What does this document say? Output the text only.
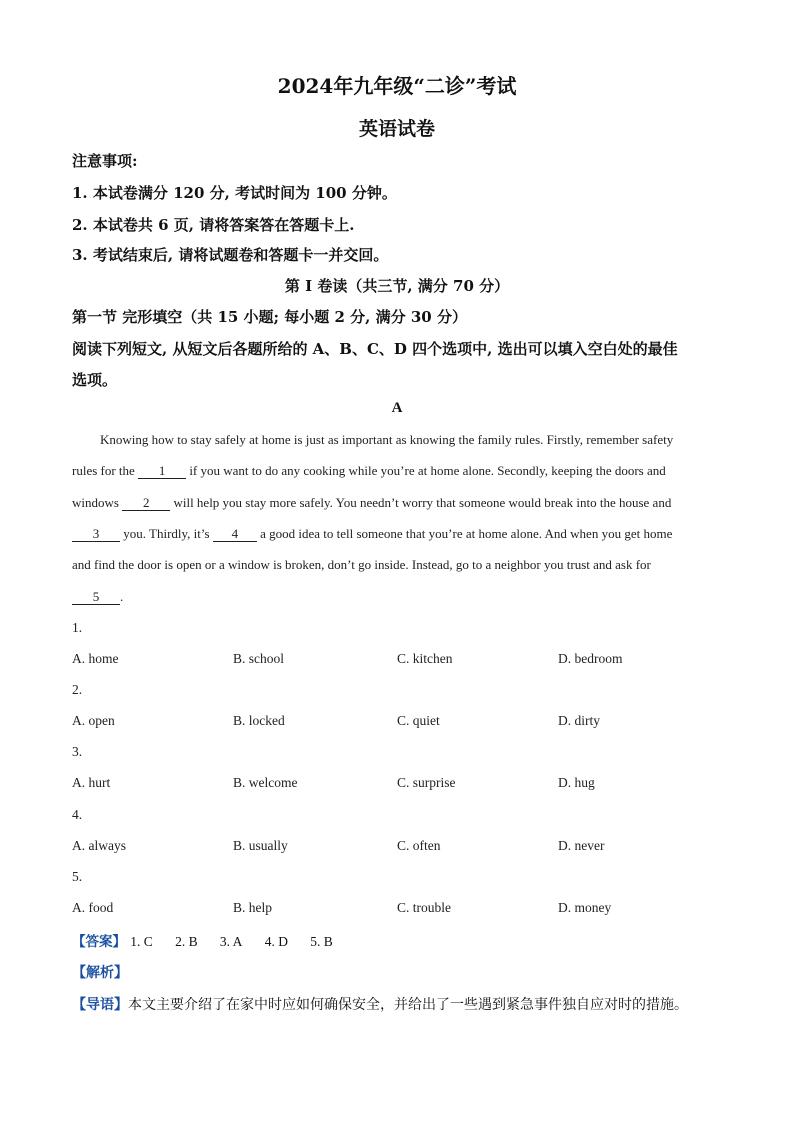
2024年九年级“二诊”考试
英语试卷
注意事项:
1. 本试卷满分 120 分, 考试时间为 100 分钟。
2. 本试卷共 6 页, 请将答案答在答题卡上.
3. 考试结束后, 请将试题卷和答题卡一并交回。
第 I 卷读（共三节, 满分 70 分）
第一节 完形填空（共 15 小题; 每小题 2 分, 满分 30 分）
阅读下列短文, 从短文后各题所给的 A、B、C、D 四个选项中, 选出可以填入空白处的最佳
选项。
A
Knowing how to stay safely at home is just as important as knowing the family rules. Firstly, remember safety
rules for the 1 if you want to do any cooking while you’re at home alone. Secondly, keeping the doors and
windows 2 will help you stay more safely. You needn’t worry that someone would break into the house and
3 you. Thirdly, it’s 4 a good idea to tell someone that you’re at home alone. And when you get home
and find the door is open or a window is broken, don’t go inside. Instead, go to a neighbor you trust and ask for
5 .
1.
A. home	B. school	C. kitchen	D. bedroom
2.
A. open	B. locked	C. quiet	D. dirty
3.
A. hurt	B. welcome	C. surprise	D. hug
4.
A. always	B. usually	C. often	D. never
5.
A. food	B. help	C. trouble	D. money
【答案】 1. C 2. B 3. A 4. D 5. B
【解析】
【导语】本文主要介绍了在家中时应如何确保安全，并给出了一些遇到紧急事件独自应对时的措施。
